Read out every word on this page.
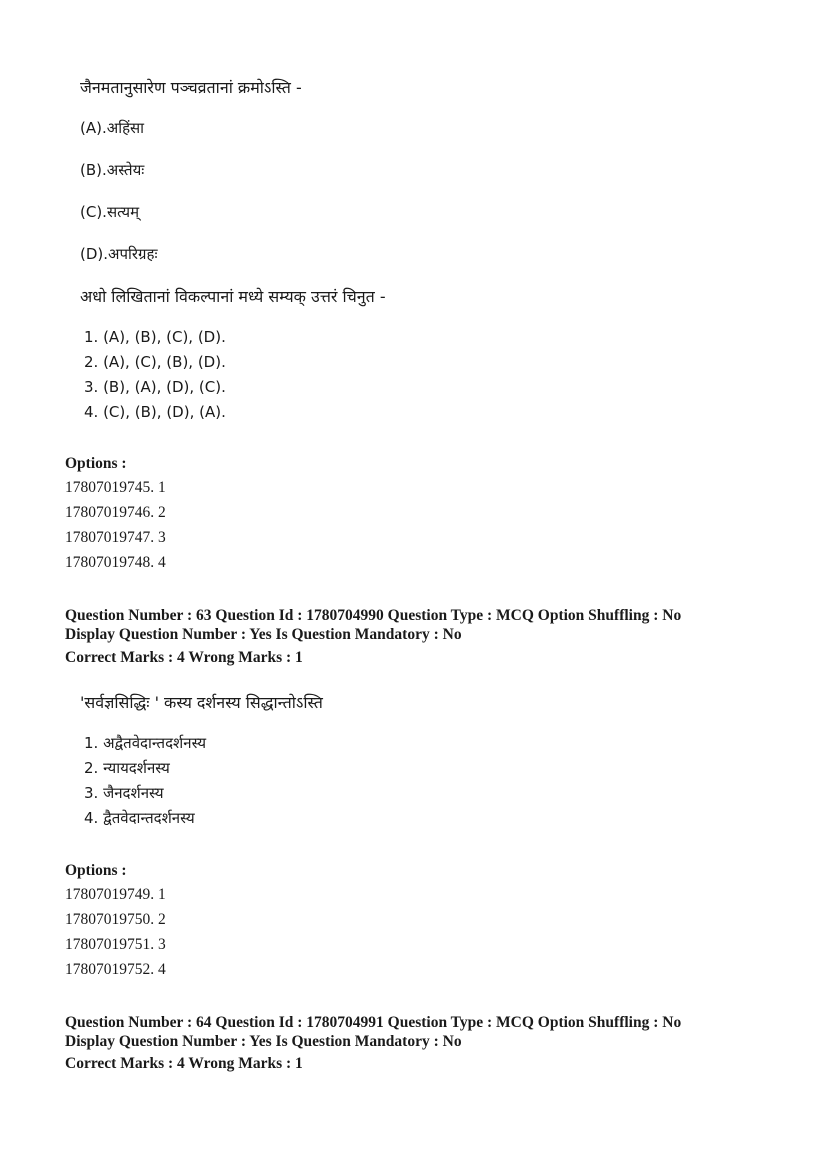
जैनमतानुसारेण पञ्चव्रतानां क्रमोऽस्ति -
(A).अहिंसा
(B).अस्तेयः
(C).सत्यम्
(D).अपरिग्रहः
अधो लिखितानां विकल्पानां मध्ये सम्यक् उत्तरं चिनुत -
1. (A), (B), (C), (D).
2. (A), (C), (B), (D).
3. (B), (A), (D), (C).
4. (C), (B), (D), (A).
Options :
17807019745. 1
17807019746. 2
17807019747. 3
17807019748. 4
Question Number : 63 Question Id : 1780704990 Question Type : MCQ Option Shuffling : No
Display Question Number : Yes Is Question Mandatory : No
Correct Marks : 4 Wrong Marks : 1
'सर्वज्ञसिद्धिः ' कस्य दर्शनस्य सिद्धान्तोऽस्ति
1. अद्वैतवेदान्तदर्शनस्य
2. न्यायदर्शनस्य
3. जैनदर्शनस्य
4. द्वैतवेदान्तदर्शनस्य
Options :
17807019749. 1
17807019750. 2
17807019751. 3
17807019752. 4
Question Number : 64 Question Id : 1780704991 Question Type : MCQ Option Shuffling : No
Display Question Number : Yes Is Question Mandatory : No
Correct Marks : 4 Wrong Marks : 1
